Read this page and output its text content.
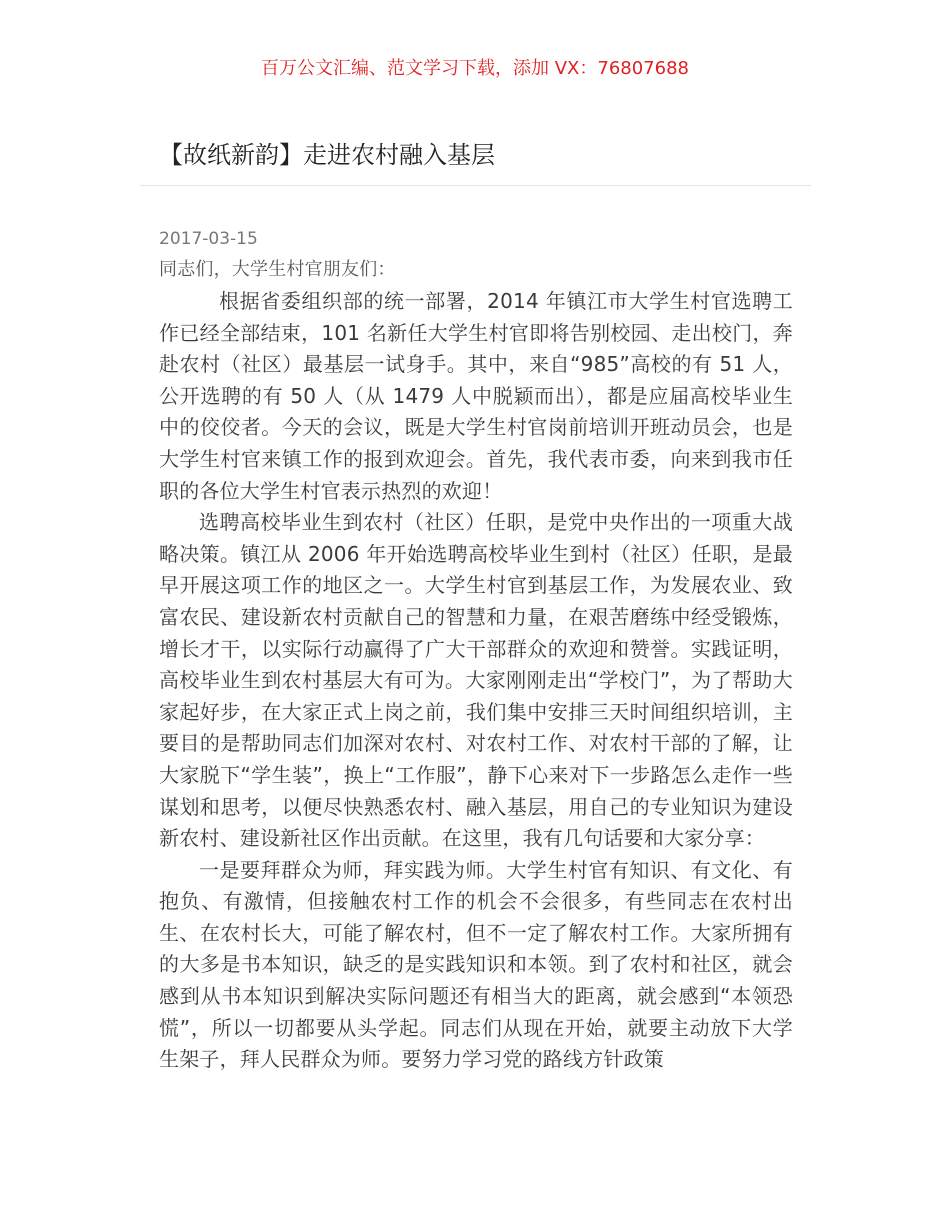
百万公文汇编、范文学习下载，添加 VX：76807688
【故纸新韵】走进农村融入基层
2017-03-15

同志们，大学生村官朋友们：

根据省委组织部的统一部署，2014 年镇江市大学生村官选聘工作已经全部结束，101 名新任大学生村官即将告别校园、走出校门，奔赴农村（社区）最基层一试身手。其中，来自“985”高校的有 51 人，公开选聘的有 50 人（从 1479 人中脱颖而出），都是应届高校毕业生中的佼佼者。今天的会议，既是大学生村官岗前培训开班动员会，也是大学生村官来镇工作的报到欢迎会。首先，我代表市委，向来到我市任职的各位大学生村官表示热烈的欢迎！

选聘高校毕业生到农村（社区）任职，是党中央作出的一项重大战略决策。镇江从 2006 年开始选聘高校毕业生到村（社区）任职，是最早开展这项工作的地区之一。大学生村官到基层工作，为发展农业、致富农民、建设新农村贡献自己的智慧和力量，在艰苦磨练中经受锻炼，增长才干，以实际行动赢得了广大干部群众的欢迎和赞誉。实践证明，高校毕业生到农村基层大有可为。大家刚刚走出“学校门”，为了帮助大家起好步，在大家正式上岗之前，我们集中安排三天时间组织培训，主要目的是帮助同志们加深对农村、对农村工作、对农村干部的了解，让大家脱下“学生装”，换上“工作服”，静下心来对下一步路怎么走作一些谋划和思考，以便尽快熟悉农村、融入基层，用自己的专业知识为建设新农村、建设新社区作出贡献。在这里，我有几句话要和大家分享：

一是要拜群众为师，拜实践为师。大学生村官有知识、有文化、有抱负、有激情，但接触农村工作的机会不会很多，有些同志在农村出生、在农村长大，可能了解农村，但不一定了解农村工作。大家所拥有的大多是书本知识，缺乏的是实践知识和本领。到了农村和社区，就会感到从书本知识到解决实际问题还有相当大的距离，就会感到“本领恐慌”，所以一切都要从头学起。同志们从现在开始，就要主动放下大学生架子，拜人民群众为师。要努力学习党的路线方针政策
